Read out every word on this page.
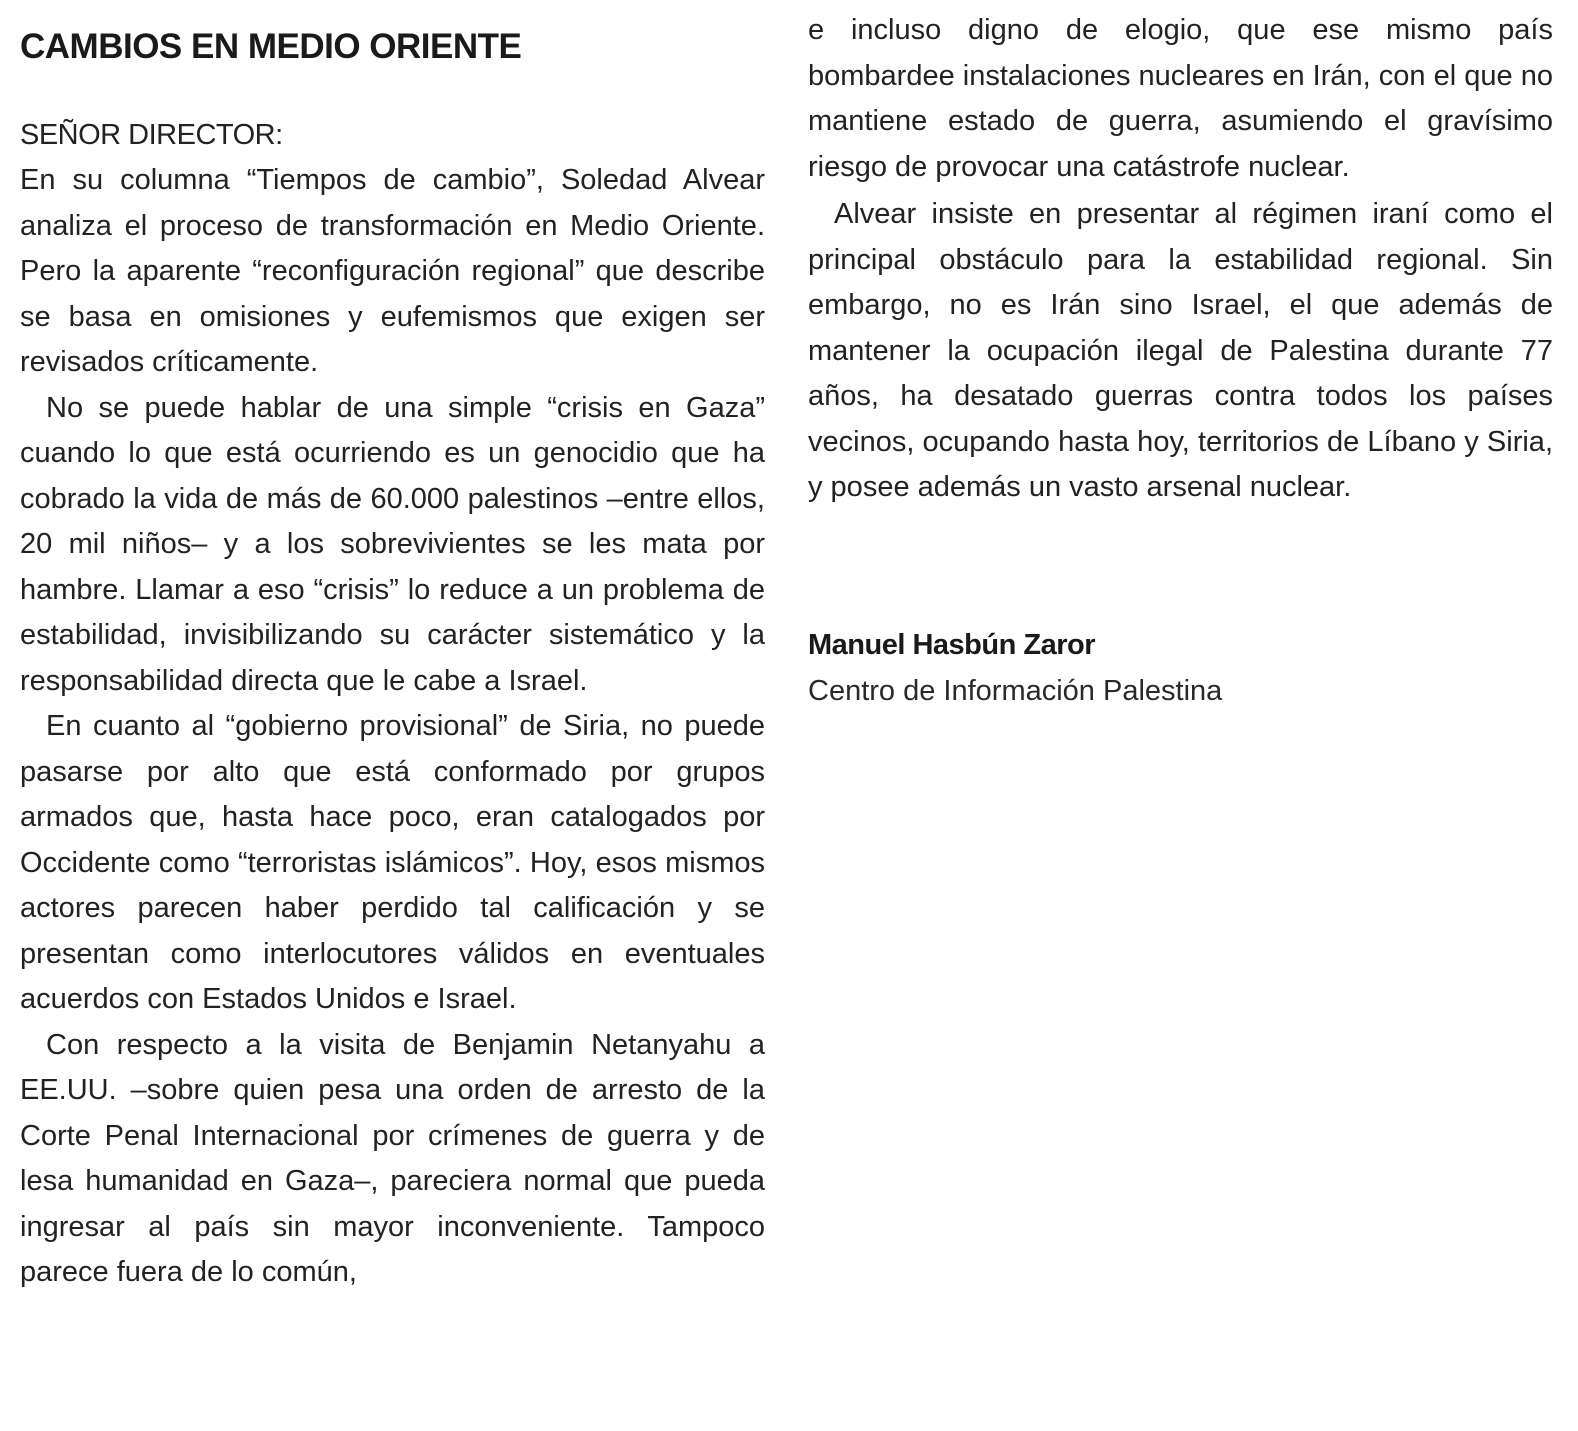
CAMBIOS EN MEDIO ORIENTE

SEÑOR DIRECTOR:

En su columna “Tiempos de cambio”, Soledad Alvear analiza el proceso de transformación en Medio Oriente. Pero la aparente “reconfiguración regional” que describe se basa en omisiones y eufemismos que exigen ser revisados críticamente.

No se puede hablar de una simple “crisis en Gaza” cuando lo que está ocurriendo es un genocidio que ha cobrado la vida de más de 60.000 palestinos –entre ellos, 20 mil niños– y a los sobrevivientes se les mata por hambre. Llamar a eso “crisis” lo reduce a un problema de estabilidad, invisibilizando su carácter sistemático y la responsabilidad directa que le cabe a Israel.

En cuanto al “gobierno provisional” de Siria, no puede pasarse por alto que está conformado por grupos armados que, hasta hace poco, eran catalogados por Occidente como “terroristas islámicos”. Hoy, esos mismos actores parecen haber perdido tal calificación y se presentan como interlocutores válidos en eventuales acuerdos con Estados Unidos e Israel.

Con respecto a la visita de Benjamin Netanyahu a EE.UU. –sobre quien pesa una orden de arresto de la Corte Penal Internacional por crímenes de guerra y de lesa humanidad en Gaza–, pareciera normal que pueda ingresar al país sin mayor inconveniente. Tampoco parece fuera de lo común,

e incluso digno de elogio, que ese mismo país bombardee instalaciones nucleares en Irán, con el que no mantiene estado de guerra, asumiendo el gravísimo riesgo de provocar una catástrofe nuclear.

Alvear insiste en presentar al régimen iraní como el principal obstáculo para la estabilidad regional. Sin embargo, no es Irán sino Israel, el que además de mantener la ocupación ilegal de Palestina durante 77 años, ha desatado guerras contra todos los países vecinos, ocupando hasta hoy, territorios de Líbano y Siria, y posee además un vasto arsenal nuclear.

Manuel Hasbún Zaror

Centro de Información Palestina
